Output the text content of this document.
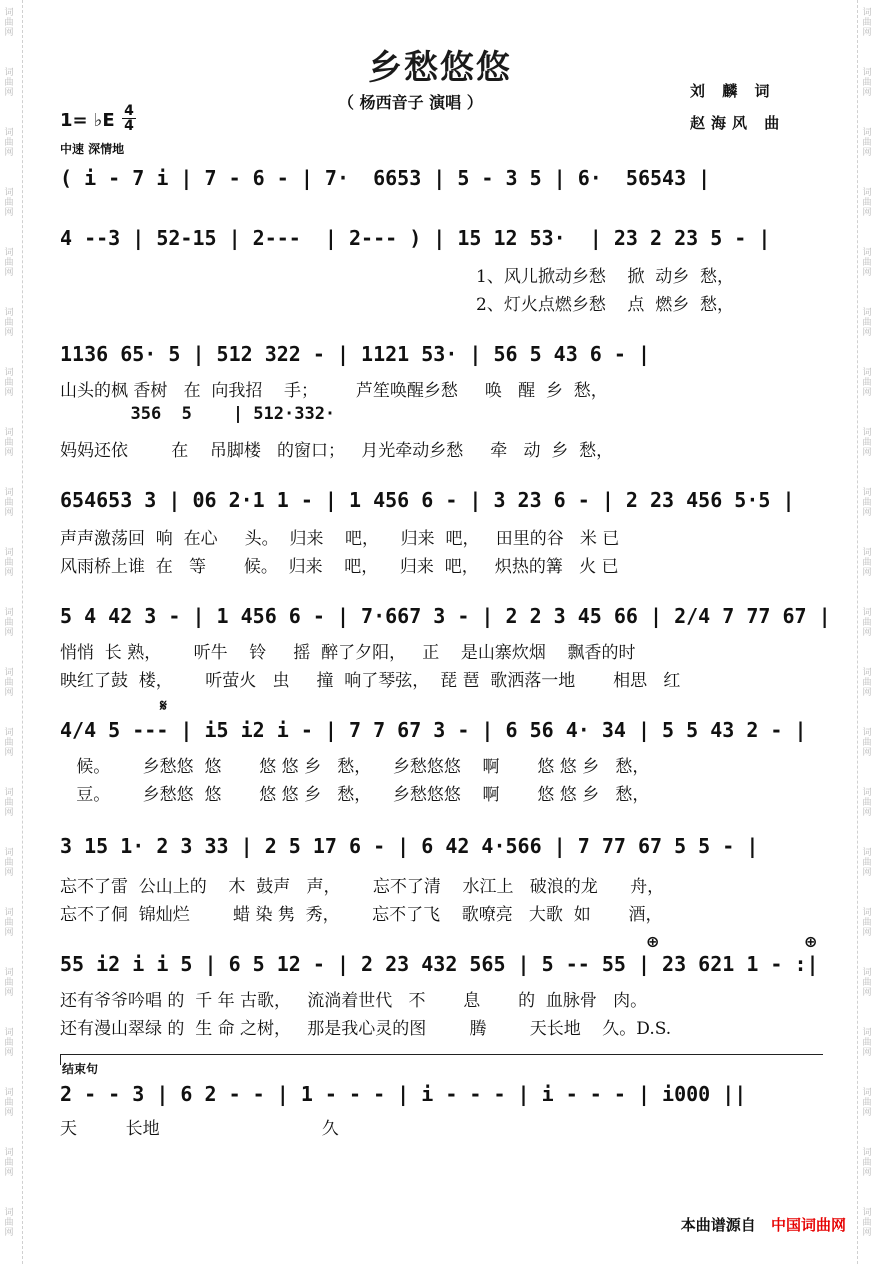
词
曲
网
词
曲
网
词
曲
网
词
曲
网
词
曲
网
词
曲
网
词
曲
网
词
曲
网
词
曲
网
词
曲
网
词
曲
网
词
曲
网
词
曲
网
词
曲
网
词
曲
网
词
曲
网
词
曲
网
词
曲
网
词
曲
网
词
曲
网
词
曲
网
词
曲
网
词
曲
网
词
曲
网
词
曲
网
词
曲
网
词
曲
网
词
曲
网
词
曲
网
词
曲
网
词
曲
网
词
曲
网
词
曲
网
词
曲
网
词
曲
网
词
曲
网
词
曲
网
词
曲
网
词
曲
网
词
曲
网
词
曲
网
词
曲
网
乡愁悠悠
（ 杨西音子 演唱 ）
刘 麟 词
赵海风 曲
1= ♭E 4
4
中速 深情地
( i - 7 i | 7 - 6 - | 7·  6653 | 5 - 3 5 | 6·  56543 |
4 --3 | 52-15 | 2---  | 2--- ) | 15 12 53·  | 23 2 23 5 - |
1、风儿掀动乡愁    掀  动乡  愁，
2、灯火点燃乡愁    点  燃乡  愁，
1136 65· 5 | 512 322 - | 1121 53· | 56 5 43 6 - |
山头的枫 香树   在  向我招    手；       芦笙唤醒乡愁     唤   醒  乡  愁，
356  5    | 512·332·
妈妈还依        在    吊脚楼   的窗口；   月光牵动乡愁     牵   动  乡  愁，
654653 3 | 06 2·1 1 - | 1 456 6 - | 3 23 6 - | 2 23 456 5·5 |
声声激荡回  响  在心     头。  归来    吧，    归来  吧，   田里的谷   米 已
风雨桥上谁  在   等       候。  归来    吧，    归来  吧，   炽热的篝   火 已
5 4 42 3 - | 1 456 6 - | 7·667 3 - | 2 2 3 45 66 | 2/4 7 77 67 |
悄悄  长 熟，      听牛    铃     摇  醉了夕阳，   正    是山寨炊烟    飘香的时
映红了鼓  楼，      听萤火   虫     撞  响了琴弦，  琵 琶  歌洒落一地       相思   红
𝄋
4/4 5 --- | i5 i2 i - | 7 7 67 3 - | 6 56 4· 34 | 5 5 43 2 - |
候。      乡愁悠  悠       悠 悠 乡   愁，    乡愁悠悠    啊       悠 悠 乡   愁，
豆。      乡愁悠  悠       悠 悠 乡   愁，    乡愁悠悠    啊       悠 悠 乡   愁，
3 15 1· 2 3 33 | 2 5 17 6 - | 6 42 4·566 | 7 77 67 5 5 - |
忘不了雷  公山上的    木  鼓声   声，      忘不了清    水江上   破浪的龙      舟，
忘不了侗  锦灿烂        蜡 染 隽  秀，      忘不了飞    歌嘹亮   大歌  如       酒，
⊕	⊕
55 i2 i i 5 | 6 5 12 - | 2 23 432 565 | 5 -- 55 | 23 621 1 - :|
还有爷爷吟唱 的  千 年 古歌，   流淌着世代   不       息       的  血脉骨   肉。
还有漫山翠绿 的  生 命 之树，   那是我心灵的图        腾        天长地    久。D.S.
结束句
2 - - 3 | 6 2 - - | 1 - - - | i - - - | i - - - | i000 ||
天         长地                              久
本曲谱源自 中国词曲网
